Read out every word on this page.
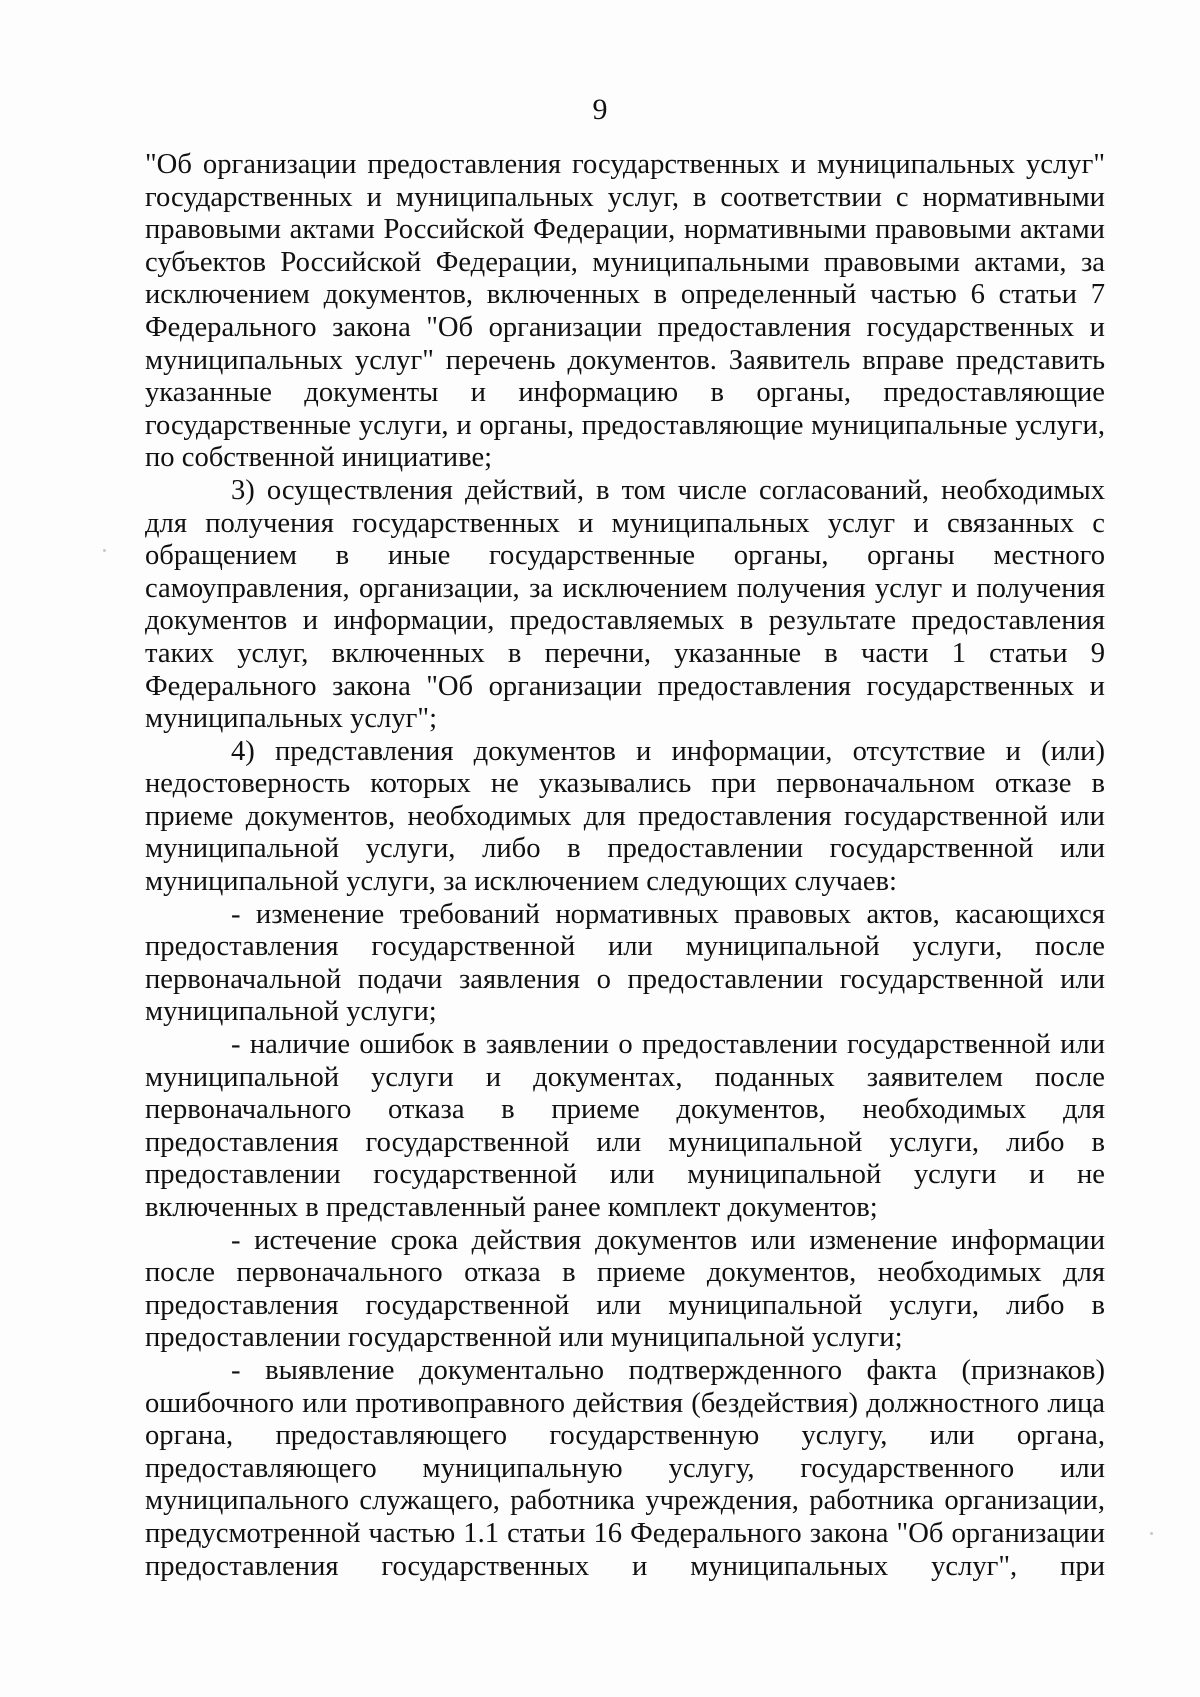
9

"Об организации предоставления государственных и муниципальных услуг" государственных и муниципальных услуг, в соответствии с нормативными правовыми актами Российской Федерации, нормативными правовыми актами субъектов Российской Федерации, муниципальными правовыми актами, за исключением документов, включенных в определенный частью 6 статьи 7 Федерального закона "Об организации предоставления государственных и муниципальных услуг" перечень документов. Заявитель вправе представить указанные документы и информацию в органы, предоставляющие государственные услуги, и органы, предоставляющие муниципальные услуги, по собственной инициативе;

3) осуществления действий, в том числе согласований, необходимых для получения государственных и муниципальных услуг и связанных с обращением в иные государственные органы, органы местного самоуправления, организации, за исключением получения услуг и получения документов и информации, предоставляемых в результате предоставления таких услуг, включенных в перечни, указанные в части 1 статьи 9 Федерального закона "Об организации предоставления государственных и муниципальных услуг";

4) представления документов и информации, отсутствие и (или) недостоверность которых не указывались при первоначальном отказе в приеме документов, необходимых для предоставления государственной или муниципальной услуги, либо в предоставлении государственной или муниципальной услуги, за исключением следующих случаев:

- изменение требований нормативных правовых актов, касающихся предоставления государственной или муниципальной услуги, после первоначальной подачи заявления о предоставлении государственной или муниципальной услуги;

- наличие ошибок в заявлении о предоставлении государственной или муниципальной услуги и документах, поданных заявителем после первоначального отказа в приеме документов, необходимых для предоставления государственной или муниципальной услуги, либо в предоставлении государственной или муниципальной услуги и не включенных в представленный ранее комплект документов;

- истечение срока действия документов или изменение информации после первоначального отказа в приеме документов, необходимых для предоставления государственной или муниципальной услуги, либо в предоставлении государственной или муниципальной услуги;

- выявление документально подтвержденного факта (признаков) ошибочного или противоправного действия (бездействия) должностного лица органа, предоставляющего государственную услугу, или органа, предоставляющего муниципальную услугу, государственного или муниципального служащего, работника учреждения, работника организации, предусмотренной частью 1.1 статьи 16 Федерального закона "Об организации предоставления государственных и муниципальных услуг", при
